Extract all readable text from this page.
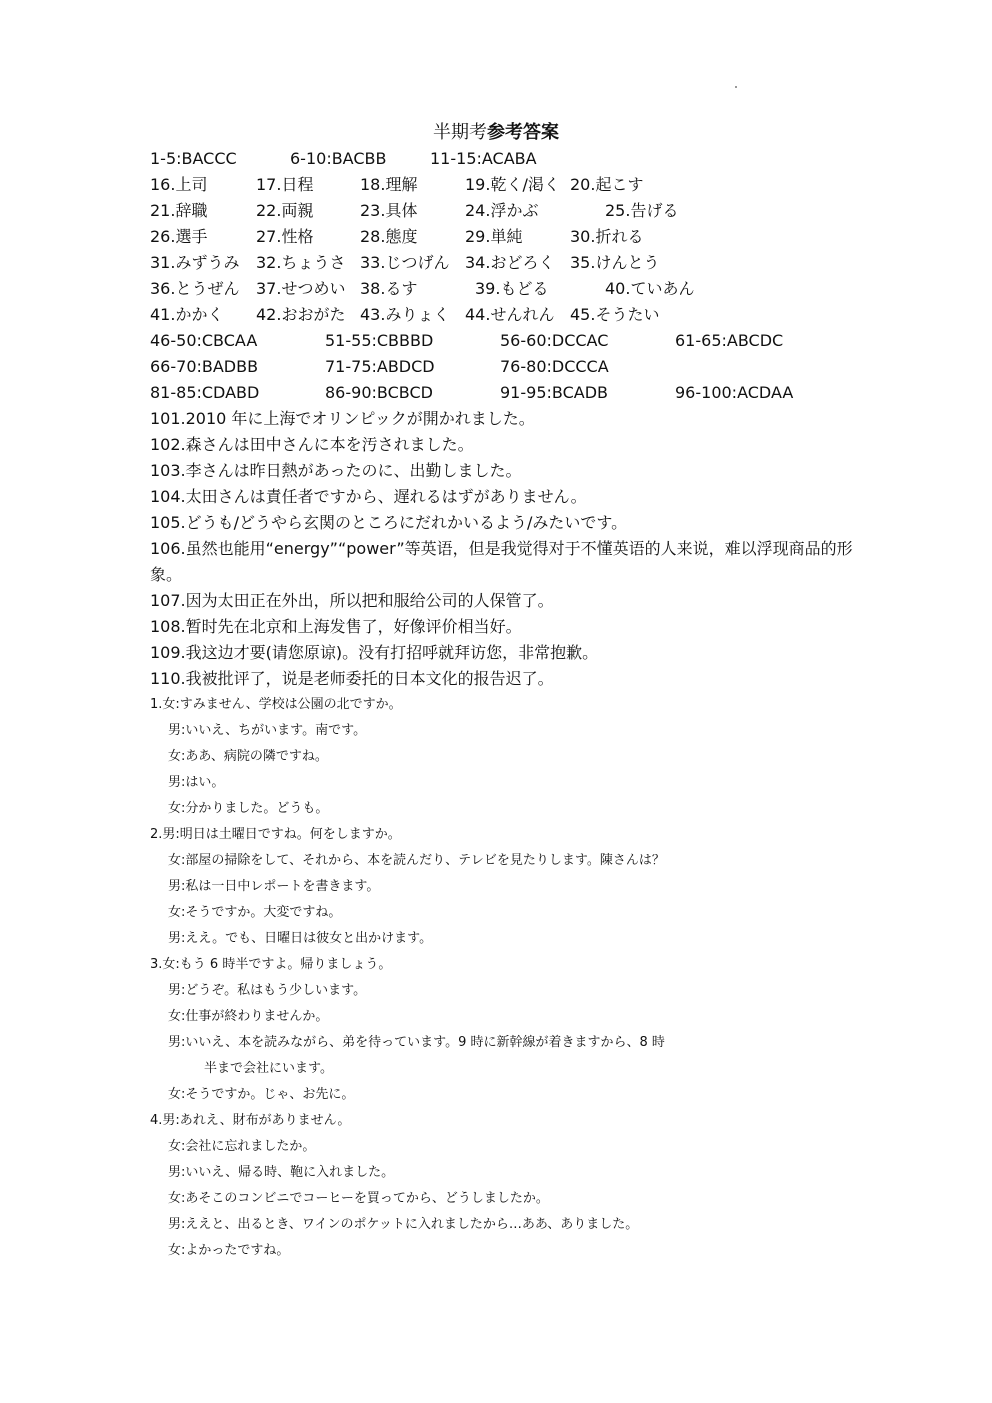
半期考参考答案
1-5:BACCC	6-10:BACBB	11-15:ACABA
16.上司	17.日程	18.理解	19.乾く/渇く 20.起こす
21.辞職	22.両親	23.具体	24.浮かぶ	25.告げる
26.選手	27.性格	28.態度	29.単純	30.折れる
31.みずうみ 32.ちょうさ 33.じつげん 34.おどろく 35.けんとう
36.とうぜん 37.せつめい 38.るす	39.もどる	40.ていあん
41.かかく 42.おおがた 43.みりょく 44.せんれん 45.そうたい
46-50:CBCAA	51-55:CBBBD	56-60:DCCAC	61-65:ABCDC
66-70:BADBB	71-75:ABDCD	76-80:DCCCA
81-85:CDABD	86-90:BCBCD	91-95:BCADB	96-100:ACDAA
101.2010 年に上海でオリンピックが開かれました。
102.森さんは田中さんに本を汚されました。
103.李さんは昨日熱があったのに、出勤しました。
104.太田さんは責任者ですから、遅れるはずがありません。
105.どうも/どうやら玄関のところにだれかいるよう/みたいです。
106.虽然也能用“energy”“power”等英语，但是我觉得对于不懂英语的人来说，难以浮现商品的形象。
107.因为太田正在外出，所以把和服给公司的人保管了。
108.暂时先在北京和上海发售了，好像评价相当好。
109.我这边才要(请您原谅)。没有打招呼就拜访您，非常抱歉。
110.我被批评了，说是老师委托的日本文化的报告迟了。
1.女:すみません、学校は公園の北ですか。
男:いいえ、ちがいます。南です。
女:ああ、病院の隣ですね。
男:はい。
女:分かりました。どうも。
2.男:明日は土曜日ですね。何をしますか。
女:部屋の掃除をして、それから、本を読んだり、テレビを見たりします。陳さんは？
男:私は一日中レポートを書きます。
女:そうですか。大変ですね。
男:ええ。でも、日曜日は彼女と出かけます。
3.女:もう 6 時半ですよ。帰りましょう。
男:どうぞ。私はもう少しいます。
女:仕事が終わりませんか。
男:いいえ、本を読みながら、弟を待っています。9 時に新幹線が着きますから、8 時
半まで会社にいます。
女:そうですか。じゃ、お先に。
4.男:あれえ、財布がありません。
女:会社に忘れましたか。
男:いいえ、帰る時、鞄に入れました。
女:あそこのコンビニでコーヒーを買ってから、どうしましたか。
男:ええと、出るとき、ワインのポケットに入れましたから…ああ、ありました。
女:よかったですね。
